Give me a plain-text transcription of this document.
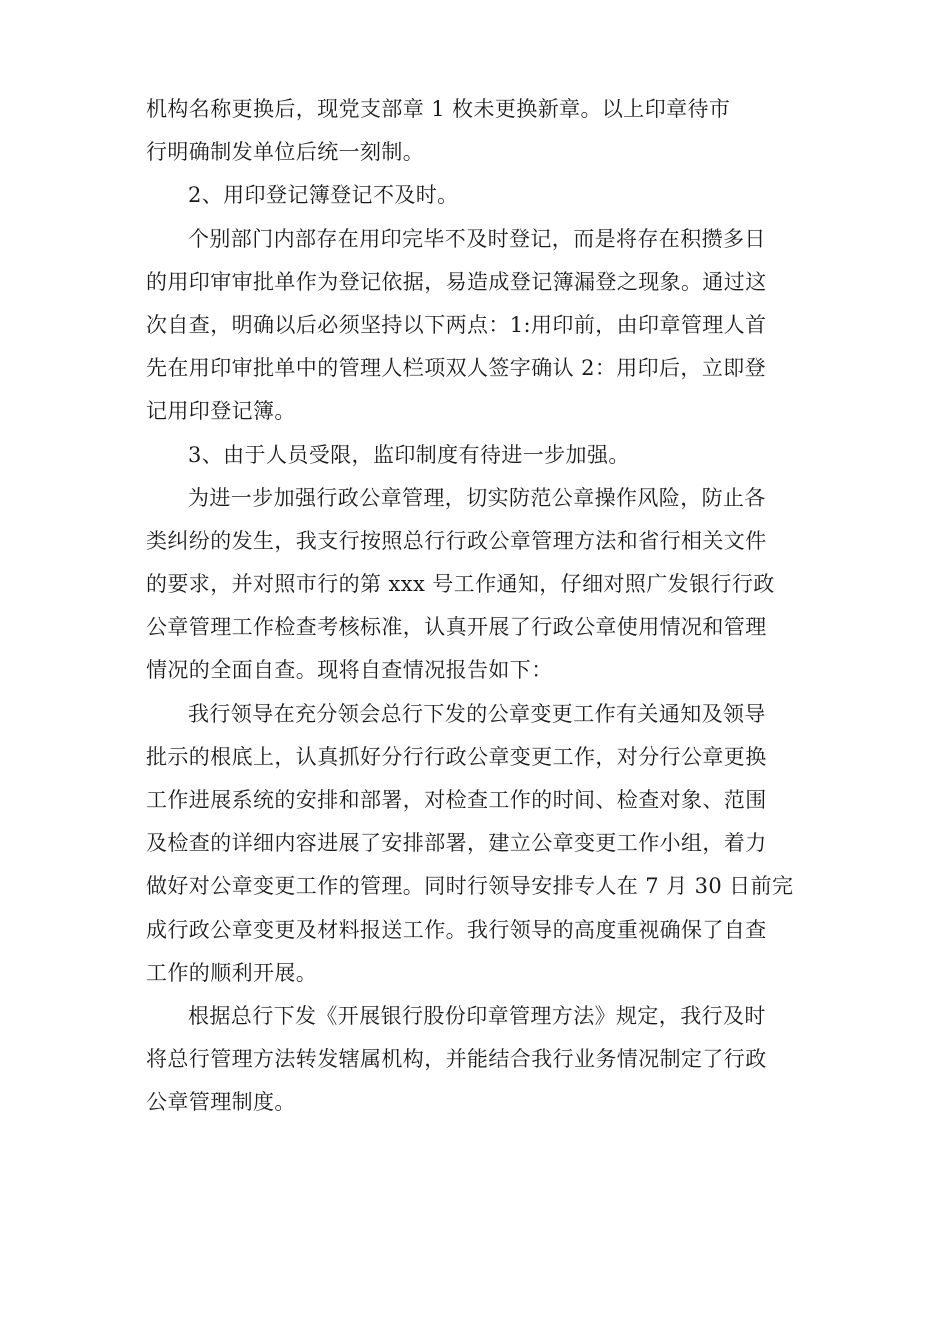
机构名称更换后，现党支部章 1 枚未更换新章。以上印章待市
行明确制发单位后统一刻制。
2、用印登记簿登记不及时。
个别部门内部存在用印完毕不及时登记，而是将存在积攒多日
的用印审审批单作为登记依据，易造成登记簿漏登之现象。通过这
次自查，明确以后必须坚持以下两点：1:用印前，由印章管理人首
先在用印审批单中的管理人栏项双人签字确认 2：用印后，立即登
记用印登记簿。
3、由于人员受限，监印制度有待进一步加强。
为进一步加强行政公章管理，切实防范公章操作风险，防止各
类纠纷的发生，我支行按照总行行政公章管理方法和省行相关文件
的要求，并对照市行的第 xxx 号工作通知，仔细对照广发银行行政
公章管理工作检查考核标准，认真开展了行政公章使用情况和管理
情况的全面自查。现将自查情况报告如下：
我行领导在充分领会总行下发的公章变更工作有关通知及领导
批示的根底上，认真抓好分行行政公章变更工作，对分行公章更换
工作进展系统的安排和部署，对检查工作的时间、检查对象、范围
及检查的详细内容进展了安排部署，建立公章变更工作小组，着力
做好对公章变更工作的管理。同时行领导安排专人在 7 月 30 日前完
成行政公章变更及材料报送工作。我行领导的高度重视确保了自查
工作的顺利开展。
根据总行下发《开展银行股份印章管理方法》规定，我行及时
将总行管理方法转发辖属机构，并能结合我行业务情况制定了行政
公章管理制度。
